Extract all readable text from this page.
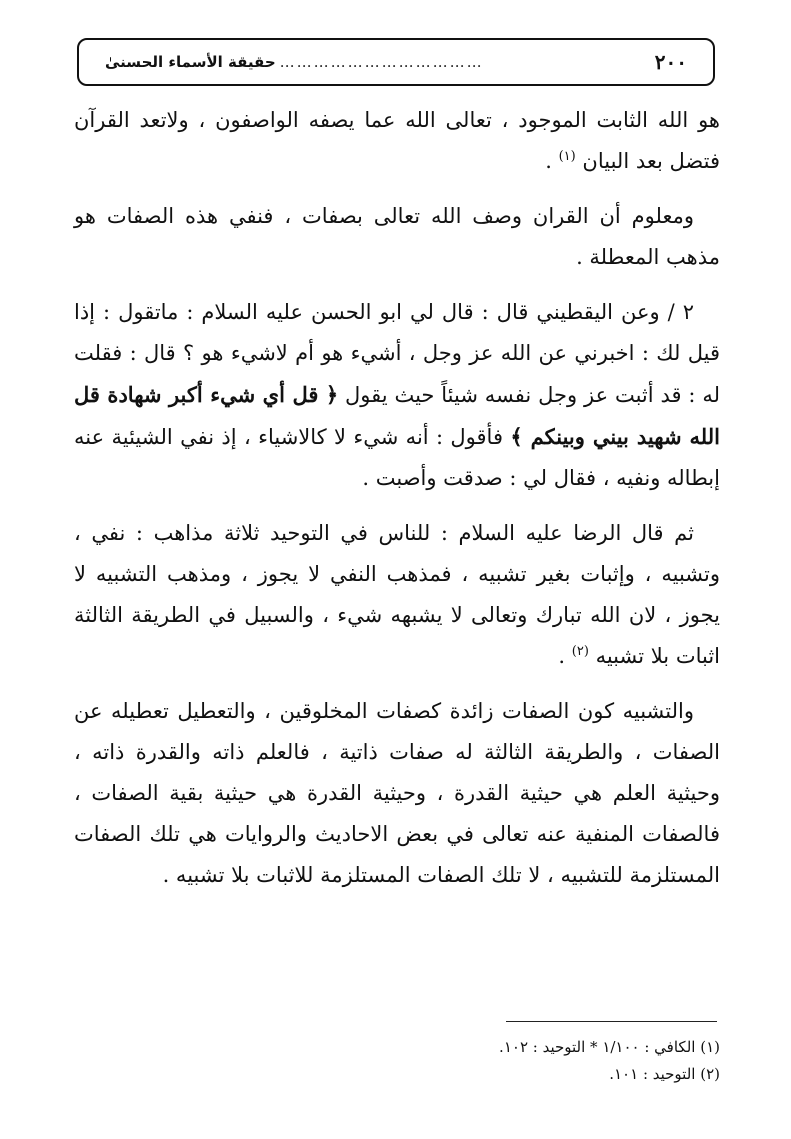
٢٠٠
………………………………
حقيقة الأسماء الحسنىٰ

هو الله الثابت الموجود ، تعالى الله عما يصفه الواصفون ، ولاتعد القرآن فتضل بعد البيان $^{(١)}$ .

ومعلوم أن القران وصف الله تعالى بصفات ، فنفي هذه الصفات هو مذهب المعطلة .

٢ / وعن اليقطيني قال : قال لي ابو الحسن عليه السلام : ماتقول : إذا قيل لك : اخبرني عن الله عز وجل ، أشيء هو أم لاشيء هو ؟ قال : فقلت له : قد أثبت عز وجل نفسه شيئاً حيث يقول ﴿ قل أي شيء أكبر شهادة قل الله شهيد بيني وبينكم ﴾ فأقول : أنه شيء لا كالاشياء ، إذ نفي الشيئية عنه إبطاله ونفيه ، فقال لي : صدقت وأصبت .

ثم قال الرضا عليه السلام : للناس في التوحيد ثلاثة مذاهب : نفي ، وتشبيه ، وإثبات بغير تشبيه ، فمذهب النفي لا يجوز ، ومذهب التشبيه لا يجوز ، لان الله تبارك وتعالى لا يشبهه شيء ، والسبيل في الطريقة الثالثة اثبات بلا تشبيه $^{(٢)}$ .

والتشبيه كون الصفات زائدة كصفات المخلوقين ، والتعطيل تعطيله عن الصفات ، والطريقة الثالثة له صفات ذاتية ، فالعلم ذاته والقدرة ذاته ، وحيثية العلم هي حيثية القدرة ، وحيثية القدرة هي حيثية بقية الصفات ، فالصفات المنفية عنه تعالى في بعض الاحاديث والروايات هي تلك الصفات المستلزمة للتشبيه ، لا تلك الصفات المستلزمة للاثبات بلا تشبيه .

(١) الكافي : ١/١٠٠ * التوحيد : ١٠٢.

(٢) التوحيد : ١٠١.
